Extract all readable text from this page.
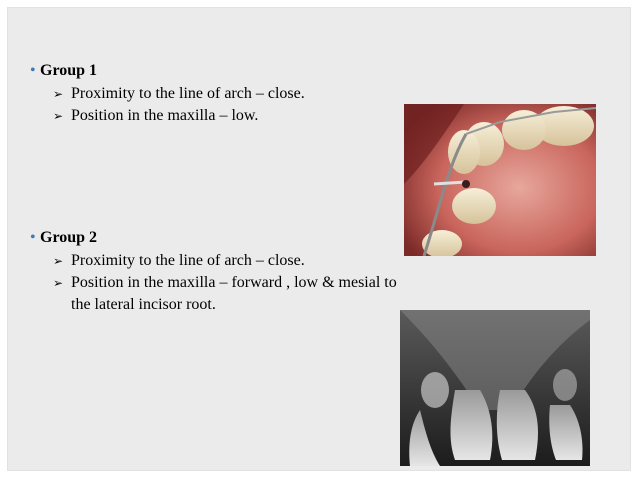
• Group 1
➢ Proximity to the line of arch – close.
➢ Position in the maxilla – low.
• Group 2
➢ Proximity to the line of arch – close.
➢ Position in the maxilla – forward , low & mesial to
the lateral incisor root.
